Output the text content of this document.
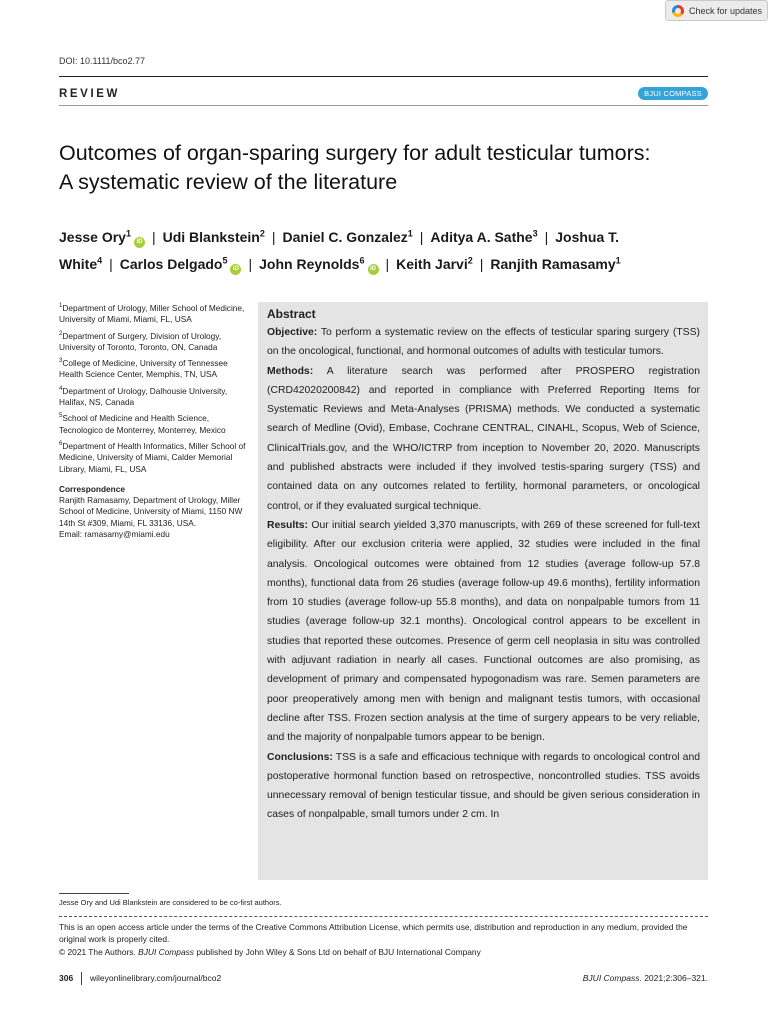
Check for updates
DOI: 10.1111/bco2.77
REVIEW	BJUI COMPASS
Outcomes of organ-sparing surgery for adult testicular tumors:
A systematic review of the literature
Jesse Ory$^1$iD | Udi Blankstein$^2$ | Daniel C. Gonzalez$^1$ | Aditya A. Sathe$^3$ | Joshua T. White$^4$ | Carlos Delgado$^5$iD | John Reynolds$^6$iD | Keith Jarvi$^2$ | Ranjith Ramasamy$^1$
$^1$Department of Urology, Miller School of Medicine, University of Miami, Miami, FL, USA
$^2$Department of Surgery, Division of Urology, University of Toronto, Toronto, ON, Canada
$^3$College of Medicine, University of Tennessee Health Science Center, Memphis, TN, USA
$^4$Department of Urology, Dalhousie University, Halifax, NS, Canada
$^5$School of Medicine and Health Science, Tecnologico de Monterrey, Monterrey, Mexico
$^6$Department of Health Informatics, Miller School of Medicine, University of Miami, Calder Memorial Library, Miami, FL, USA
Correspondence
Ranjith Ramasamy, Department of Urology, Miller School of Medicine, University of Miami, 1150 NW 14th St #309, Miami, FL 33136, USA.
Email: ramasamy@miami.edu
Abstract

Objective: To perform a systematic review on the effects of testicular sparing surgery (TSS) on the oncological, functional, and hormonal outcomes of adults with testicular tumors.

Methods: A literature search was performed after PROSPERO registration (CRD42020200842) and reported in compliance with Preferred Reporting Items for Systematic Reviews and Meta-Analyses (PRISMA) methods. We conducted a systematic search of Medline (Ovid), Embase, Cochrane CENTRAL, CINAHL, Scopus, Web of Science, ClinicalTrials.gov, and the WHO/ICTRP from inception to November 20, 2020. Manuscripts and published abstracts were included if they involved testis-sparing surgery (TSS) and contained data on any outcomes related to fertility, hormonal parameters, or oncological control, or if they evaluated surgical technique.

Results: Our initial search yielded 3,370 manuscripts, with 269 of these screened for full-text eligibility. After our exclusion criteria were applied, 32 studies were included in the final analysis. Oncological outcomes were obtained from 12 studies (average follow-up 57.8 months), functional data from 26 studies (average follow-up 49.6 months), fertility information from 10 studies (average follow-up 55.8 months), and data on nonpalpable tumors from 11 studies (average follow-up 32.1 months). Oncological control appears to be excellent in studies that reported these outcomes. Presence of germ cell neoplasia in situ was controlled with adjuvant radiation in nearly all cases. Functional outcomes are also promising, as development of primary and compensated hypogonadism was rare. Semen parameters are poor preoperatively among men with benign and malignant testis tumors, with occasional decline after TSS. Frozen section analysis at the time of surgery appears to be very reliable, and the majority of nonpalpable tumors appear to be benign.

Conclusions: TSS is a safe and efficacious technique with regards to oncological control and postoperative hormonal function based on retrospective, noncontrolled studies. TSS avoids unnecessary removal of benign testicular tissue, and should be given serious consideration in cases of nonpalpable, small tumors under 2 cm. In

Jesse Ory and Udi Blankstein are considered to be co-first authors.
This is an open access article under the terms of the Creative Commons Attribution License, which permits use, distribution and reproduction in any medium, provided the original work is properly cited.
© 2021 The Authors. BJUI Compass published by John Wiley & Sons Ltd on behalf of BJU International Company
306 wileyonlinelibrary.com/journal/bco2	BJUI Compass. 2021;2:306–321.
